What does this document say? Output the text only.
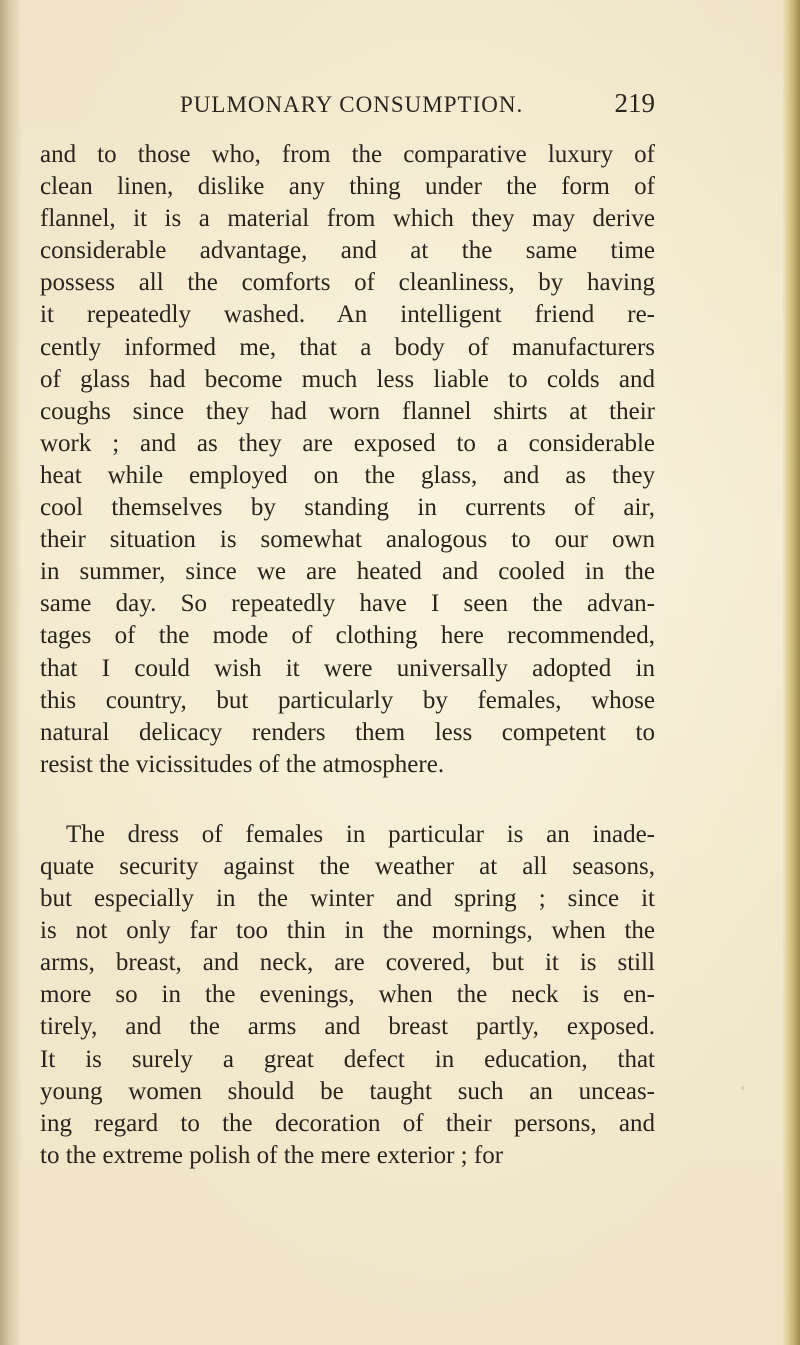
PULMONARY CONSUMPTION.	219
and to those who, from the comparative luxury of
clean linen, dislike any thing under the form of
flannel, it is a material from which they may derive
considerable advantage, and at the same time
possess all the comforts of cleanliness, by having
it repeatedly washed. An intelligent friend re-
cently informed me, that a body of manufacturers
of glass had become much less liable to colds and
coughs since they had worn flannel shirts at their
work ; and as they are exposed to a considerable
heat while employed on the glass, and as they
cool themselves by standing in currents of air,
their situation is somewhat analogous to our own
in summer, since we are heated and cooled in the
same day. So repeatedly have I seen the advan-
tages of the mode of clothing here recommended,
that I could wish it were universally adopted in
this country, but particularly by females, whose
natural delicacy renders them less competent to
resist the vicissitudes of the atmosphere.
The dress of females in particular is an inade-
quate security against the weather at all seasons,
but especially in the winter and spring ; since it
is not only far too thin in the mornings, when the
arms, breast, and neck, are covered, but it is still
more so in the evenings, when the neck is en-
tirely, and the arms and breast partly, exposed.
It is surely a great defect in education, that
young women should be taught such an unceas-
ing regard to the decoration of their persons, and
to the extreme polish of the mere exterior ; for
